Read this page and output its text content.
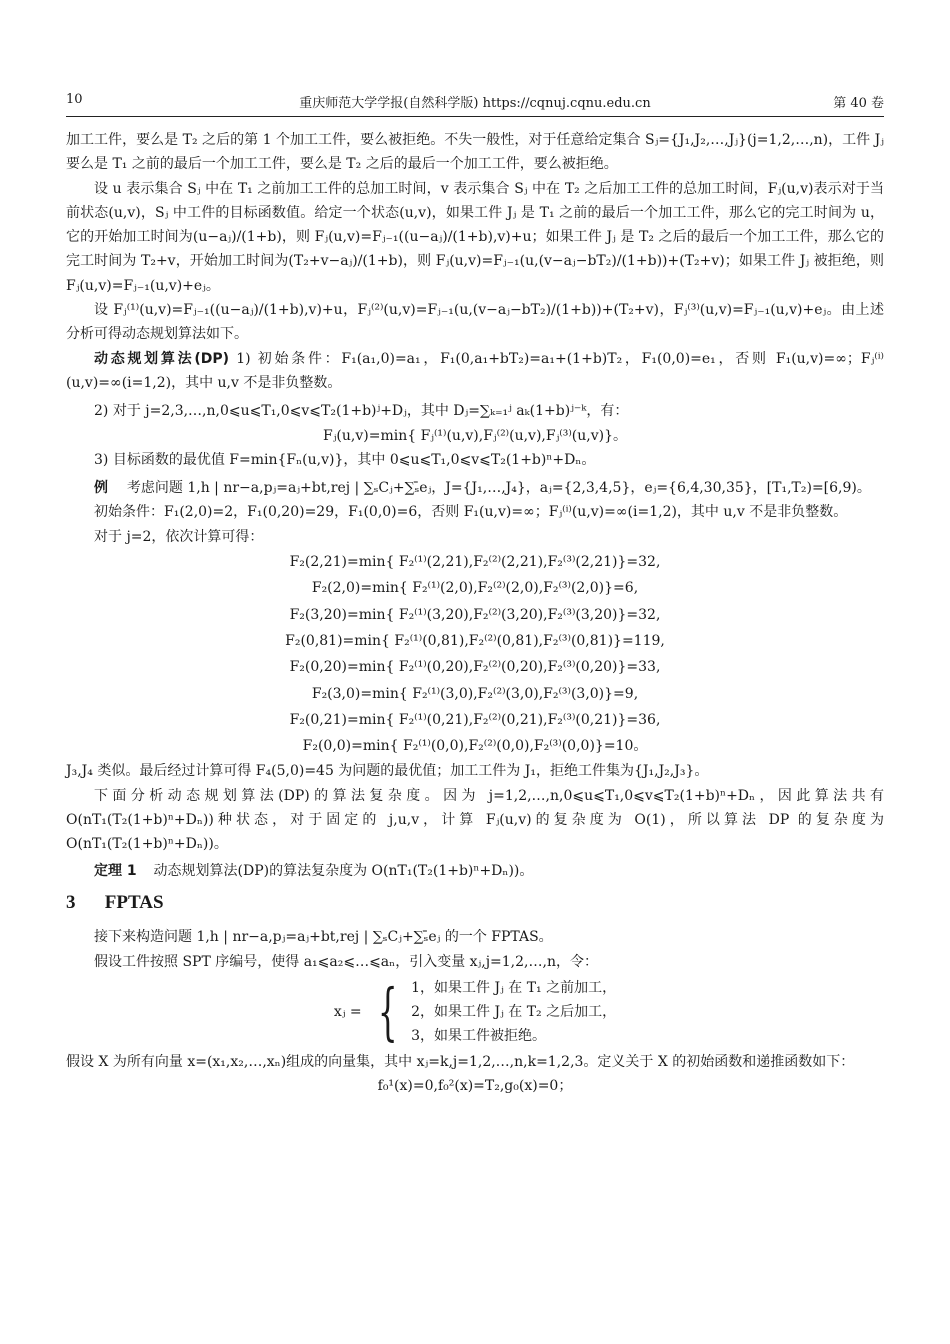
10	重庆师范大学学报(自然科学版) https://cqnuj.cqnu.edu.cn	第 40 卷

加工工件，要么是 T₂ 之后的第 1 个加工工件，要么被拒绝。不失一般性，对于任意给定集合 Sⱼ={J₁,J₂,…,Jⱼ}(j=1,2,…,n)，工件 Jⱼ 要么是 T₁ 之前的最后一个加工工件，要么是 T₂ 之后的最后一个加工工件，要么被拒绝。

设 u 表示集合 Sⱼ 中在 T₁ 之前加工工件的总加工时间，v 表示集合 Sⱼ 中在 T₂ 之后加工工件的总加工时间，Fⱼ(u,v)表示对于当前状态(u,v)，Sⱼ 中工件的目标函数值。给定一个状态(u,v)，如果工件 Jⱼ 是 T₁ 之前的最后一个加工工件，那么它的完工时间为 u，它的开始加工时间为(u−aⱼ)/(1+b)，则 Fⱼ(u,v)=Fⱼ₋₁((u−aⱼ)/(1+b),v)+u；如果工件 Jⱼ 是 T₂ 之后的最后一个加工工件，那么它的完工时间为 T₂+v，开始加工时间为(T₂+v−aⱼ)/(1+b)，则 Fⱼ(u,v)=Fⱼ₋₁(u,(v−aⱼ−bT₂)/(1+b))+(T₂+v)；如果工件 Jⱼ 被拒绝，则 Fⱼ(u,v)=Fⱼ₋₁(u,v)+eⱼ。

设 Fⱼ⁽¹⁾(u,v)=Fⱼ₋₁((u−aⱼ)/(1+b),v)+u，Fⱼ⁽²⁾(u,v)=Fⱼ₋₁(u,(v−aⱼ−bT₂)/(1+b))+(T₂+v)，Fⱼ⁽³⁾(u,v)=Fⱼ₋₁(u,v)+eⱼ。由上述分析可得动态规划算法如下。

动态规划算法(DP) 1) 初始条件：F₁(a₁,0)=a₁，F₁(0,a₁+bT₂)=a₁+(1+b)T₂，F₁(0,0)=e₁，否则 F₁(u,v)=∞；Fⱼ⁽ⁱ⁾(u,v)=∞(i=1,2)，其中 u,v 不是非负整数。

2) 对于 j=2,3,…,n,0⩽u⩽T₁,0⩽v⩽T₂(1+b)ʲ+Dⱼ，其中 Dⱼ=∑ₖ₌₁ʲ aₖ(1+b)ʲ⁻ᵏ，有：

Fⱼ(u,v)=min{ Fⱼ⁽¹⁾(u,v),Fⱼ⁽²⁾(u,v),Fⱼ⁽³⁾(u,v)}。

3) 目标函数的最优值 F=min{Fₙ(u,v)}，其中 0⩽u⩽T₁,0⩽v⩽T₂(1+b)ⁿ+Dₙ。

例 考虑问题 1,h | nr−a,pⱼ=aⱼ+bt,rej | ∑ₛCⱼ+∑ₛ̄eⱼ，J={J₁,…,J₄}，aⱼ={2,3,4,5}，eⱼ={6,4,30,35}，[T₁,T₂)=[6,9)。

初始条件：F₁(2,0)=2，F₁(0,20)=29，F₁(0,0)=6，否则 F₁(u,v)=∞；Fⱼ⁽ⁱ⁾(u,v)=∞(i=1,2)，其中 u,v 不是非负整数。

对于 j=2，依次计算可得：

F₂(2,21)=min{ F₂⁽¹⁾(2,21),F₂⁽²⁾(2,21),F₂⁽³⁾(2,21)}=32,

F₂(2,0)=min{ F₂⁽¹⁾(2,0),F₂⁽²⁾(2,0),F₂⁽³⁾(2,0)}=6,

F₂(3,20)=min{ F₂⁽¹⁾(3,20),F₂⁽²⁾(3,20),F₂⁽³⁾(3,20)}=32,

F₂(0,81)=min{ F₂⁽¹⁾(0,81),F₂⁽²⁾(0,81),F₂⁽³⁾(0,81)}=119,

F₂(0,20)=min{ F₂⁽¹⁾(0,20),F₂⁽²⁾(0,20),F₂⁽³⁾(0,20)}=33,

F₂(3,0)=min{ F₂⁽¹⁾(3,0),F₂⁽²⁾(3,0),F₂⁽³⁾(3,0)}=9,

F₂(0,21)=min{ F₂⁽¹⁾(0,21),F₂⁽²⁾(0,21),F₂⁽³⁾(0,21)}=36,

F₂(0,0)=min{ F₂⁽¹⁾(0,0),F₂⁽²⁾(0,0),F₂⁽³⁾(0,0)}=10。

J₃,J₄ 类似。最后经过计算可得 F₄(5,0)=45 为问题的最优值；加工工件为 J₁，拒绝工件集为{J₁,J₂,J₃}。

下面分析动态规划算法(DP)的算法复杂度。因为 j=1,2,…,n,0⩽u⩽T₁,0⩽v⩽T₂(1+b)ⁿ+Dₙ，因此算法共有 O(nT₁(T₂(1+b)ⁿ+Dₙ))种状态，对于固定的 j,u,v，计算 Fⱼ(u,v)的复杂度为 O(1)，所以算法 DP 的复杂度为 O(nT₁(T₂(1+b)ⁿ+Dₙ))。

定理 1 动态规划算法(DP)的算法复杂度为 O(nT₁(T₂(1+b)ⁿ+Dₙ))。

3 FPTAS

接下来构造问题 1,h | nr−a,pⱼ=aⱼ+bt,rej | ∑ₛCⱼ+∑ₛ̄eⱼ 的一个 FPTAS。

假设工件按照 SPT 序编号，使得 a₁⩽a₂⩽…⩽aₙ，引入变量 xⱼ,j=1,2,…,n，令：

xⱼ = { 1，如果工件 Jⱼ 在 T₁ 之前加工，
2，如果工件 Jⱼ 在 T₂ 之后加工，
3，如果工件被拒绝。

假设 X 为所有向量 x=(x₁,x₂,…,xₙ)组成的向量集，其中 xⱼ=k,j=1,2,…,n,k=1,2,3。定义关于 X 的初始函数和递推函数如下：

f₀¹(x)=0,f₀²(x)=T₂,g₀(x)=0；
